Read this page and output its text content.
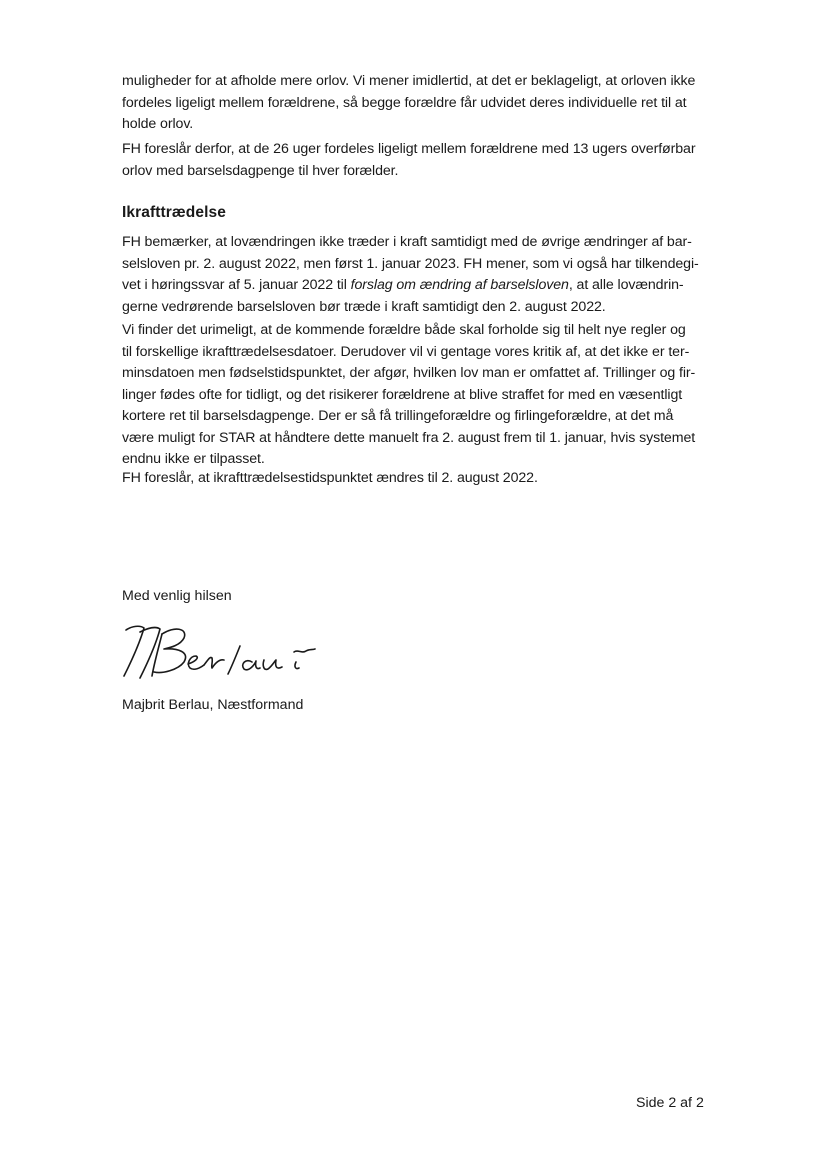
muligheder for at afholde mere orlov. Vi mener imidlertid, at det er beklageligt, at orloven ikke

fordeles ligeligt mellem forældrene, så begge forældre får udvidet deres individuelle ret til at

holde orlov.

FH foreslår derfor, at de 26 uger fordeles ligeligt mellem forældrene med 13 ugers overførbar

orlov med barselsdagpenge til hver forælder.

Ikrafttrædelse

FH bemærker, at lovændringen ikke træder i kraft samtidigt med de øvrige ændringer af bar-

selsloven pr. 2. august 2022, men først 1. januar 2023. FH mener, som vi også har tilkendegi-

vet i høringssvar af 5. januar 2022 til forslag om ændring af barselsloven, at alle lovændrin-

gerne vedrørende barselsloven bør træde i kraft samtidigt den 2. august 2022.

Vi finder det urimeligt, at de kommende forældre både skal forholde sig til helt nye regler og

til forskellige ikrafttrædelsesdatoer. Derudover vil vi gentage vores kritik af, at det ikke er ter-

minsdatoen men fødselstidspunktet, der afgør, hvilken lov man er omfattet af. Trillinger og fir-

linger fødes ofte for tidligt, og det risikerer forældrene at blive straffet for med en væsentligt

kortere ret til barselsdagpenge. Der er så få trillingeforældre og firlingeforældre, at det må

være muligt for STAR at håndtere dette manuelt fra 2. august frem til 1. januar, hvis systemet

endnu ikke er tilpasset.

FH foreslår, at ikrafttrædelsestidspunktet ændres til 2. august 2022.

Med venlig hilsen
Majbrit Berlau, Næstformand
Side 2 af 2
